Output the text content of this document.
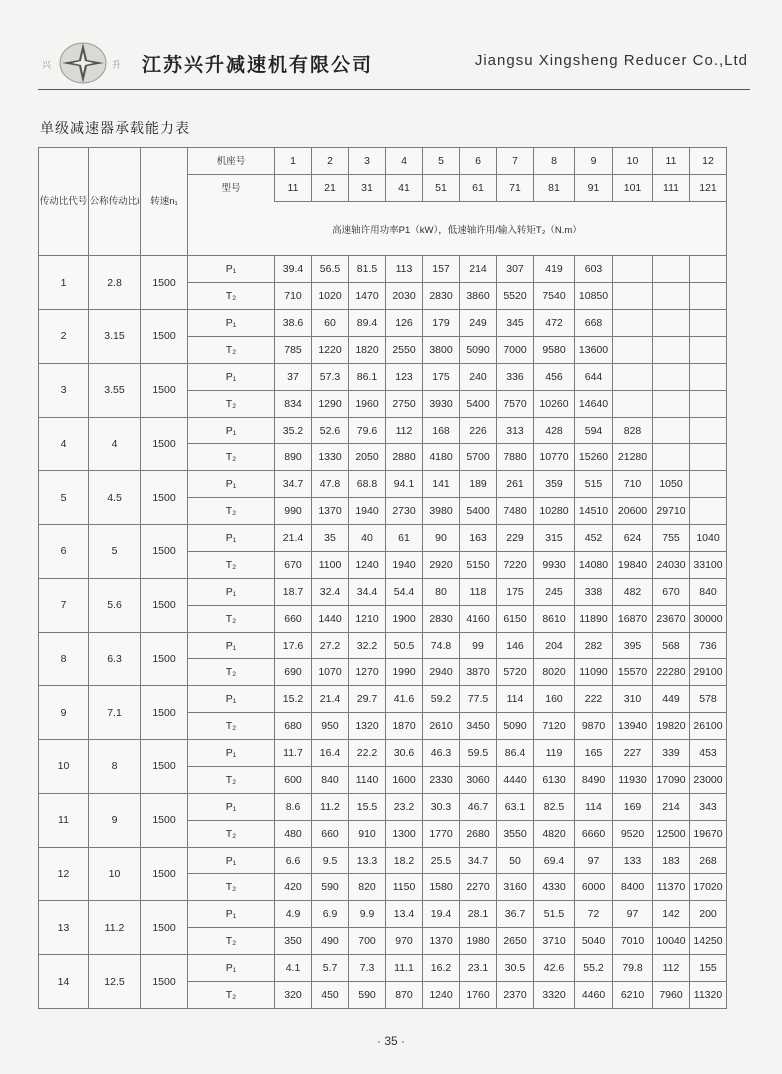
兴	升 江苏兴升减速机有限公司	Jiangsu Xingsheng Reducer Co.,Ltd
单级减速器承载能力表
传动比代号	公称传动比i	转速n₁	机座号	1	2	3	4	5	6	7	8	9	10	11	12
			型号	11	21	31	41	51	61	71	81	91	101	111	121
			高速轴许用功率P1（kW），低速轴许用/输入转矩T₂（N.m）												
1	2.8	1500	P₁	39.4	56.5	81.5	113	157	214	307	419	603			
			T₂	710	1020	1470	2030	2830	3860	5520	7540	10850			
2	3.15	1500	P₁	38.6	60	89.4	126	179	249	345	472	668			
			T₂	785	1220	1820	2550	3800	5090	7000	9580	13600			
3	3.55	1500	P₁	37	57.3	86.1	123	175	240	336	456	644			
			T₂	834	1290	1960	2750	3930	5400	7570	10260	14640			
4	4	1500	P₁	35.2	52.6	79.6	112	168	226	313	428	594	828		
			T₂	890	1330	2050	2880	4180	5700	7880	10770	15260	21280		
5	4.5	1500	P₁	34.7	47.8	68.8	94.1	141	189	261	359	515	710	1050	
			T₂	990	1370	1940	2730	3980	5400	7480	10280	14510	20600	29710	
6	5	1500	P₁	21.4	35	40	61	90	163	229	315	452	624	755	1040
			T₂	670	1100	1240	1940	2920	5150	7220	9930	14080	19840	24030	33100
7	5.6	1500	P₁	18.7	32.4	34.4	54.4	80	118	175	245	338	482	670	840
			T₂	660	1440	1210	1900	2830	4160	6150	8610	11890	16870	23670	30000
8	6.3	1500	P₁	17.6	27.2	32.2	50.5	74.8	99	146	204	282	395	568	736
			T₂	690	1070	1270	1990	2940	3870	5720	8020	11090	15570	22280	29100
9	7.1	1500	P₁	15.2	21.4	29.7	41.6	59.2	77.5	114	160	222	310	449	578
			T₂	680	950	1320	1870	2610	3450	5090	7120	9870	13940	19820	26100
10	8	1500	P₁	11.7	16.4	22.2	30.6	46.3	59.5	86.4	119	165	227	339	453
			T₂	600	840	1140	1600	2330	3060	4440	6130	8490	11930	17090	23000
11	9	1500	P₁	8.6	11.2	15.5	23.2	30.3	46.7	63.1	82.5	114	169	214	343
			T₂	480	660	910	1300	1770	2680	3550	4820	6660	9520	12500	19670
12	10	1500	P₁	6.6	9.5	13.3	18.2	25.5	34.7	50	69.4	97	133	183	268
			T₂	420	590	820	1150	1580	2270	3160	4330	6000	8400	11370	17020
13	11.2	1500	P₁	4.9	6.9	9.9	13.4	19.4	28.1	36.7	51.5	72	97	142	200
			T₂	350	490	700	970	1370	1980	2650	3710	5040	7010	10040	14250
14	12.5	1500	P₁	4.1	5.7	7.3	11.1	16.2	23.1	30.5	42.6	55.2	79.8	112	155
			T₂	320	450	590	870	1240	1760	2370	3320	4460	6210	7960	11320
· 35 ·
